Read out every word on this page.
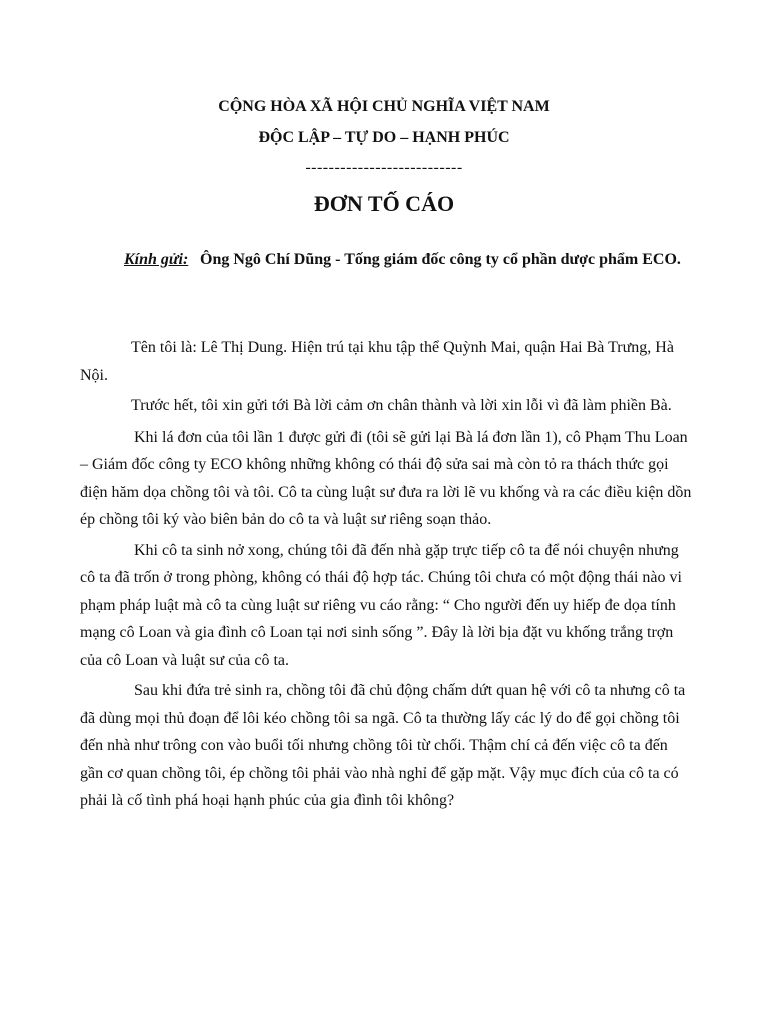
CỘNG HÒA XÃ HỘI CHỦ NGHĨA VIỆT NAM
ĐỘC LẬP – TỰ DO – HẠNH PHÚC
---------------------------
ĐƠN TỐ CÁO
Kính gửi: Ông Ngô Chí Dũng - Tống giám đốc công ty cổ phần dược phẩm ECO.

Tên tôi là: Lê Thị Dung. Hiện trú tại khu tập thể Quỳnh Mai, quận Hai Bà Trưng, Hà Nội.

Trước hết, tôi xin gửi tới Bà lời cảm ơn chân thành và lời xin lỗi vì đã làm phiền Bà.

Khi lá đơn của tôi lần 1 được gửi đi (tôi sẽ gửi lại Bà lá đơn lần 1), cô Phạm Thu Loan – Giám đốc công ty ECO không những không có thái độ sửa sai mà còn tỏ ra thách thức gọi điện hăm dọa chồng tôi và tôi. Cô ta cùng luật sư đưa ra lời lẽ vu khống và ra các điều kiện dồn ép chồng tôi ký vào biên bản do cô ta và luật sư riêng soạn thảo.

Khi cô ta sinh nở xong, chúng tôi đã đến nhà gặp trực tiếp cô ta để nói chuyện nhưng cô ta đã trốn ở trong phòng, không có thái độ hợp tác. Chúng tôi chưa có một động thái nào vi phạm pháp luật mà cô ta cùng luật sư riêng vu cáo rằng: “ Cho người đến uy hiếp đe dọa tính mạng cô Loan và gia đình cô Loan tại nơi sinh sống ”. Đây là lời bịa đặt vu khống trắng trợn của cô Loan và luật sư của cô ta.

Sau khi đứa trẻ sinh ra, chồng tôi đã chủ động chấm dứt quan hệ với cô ta nhưng cô ta đã dùng mọi thủ đoạn để lôi kéo chồng tôi sa ngã. Cô ta thường lấy các lý do để gọi chồng tôi đến nhà như trông con vào buổi tối nhưng chồng tôi từ chối. Thậm chí cả đến việc cô ta đến gần cơ quan chồng tôi, ép chồng tôi phải vào nhà nghỉ để gặp mặt. Vậy mục đích của cô ta có phải là cố tình phá hoại hạnh phúc của gia đình tôi không?
